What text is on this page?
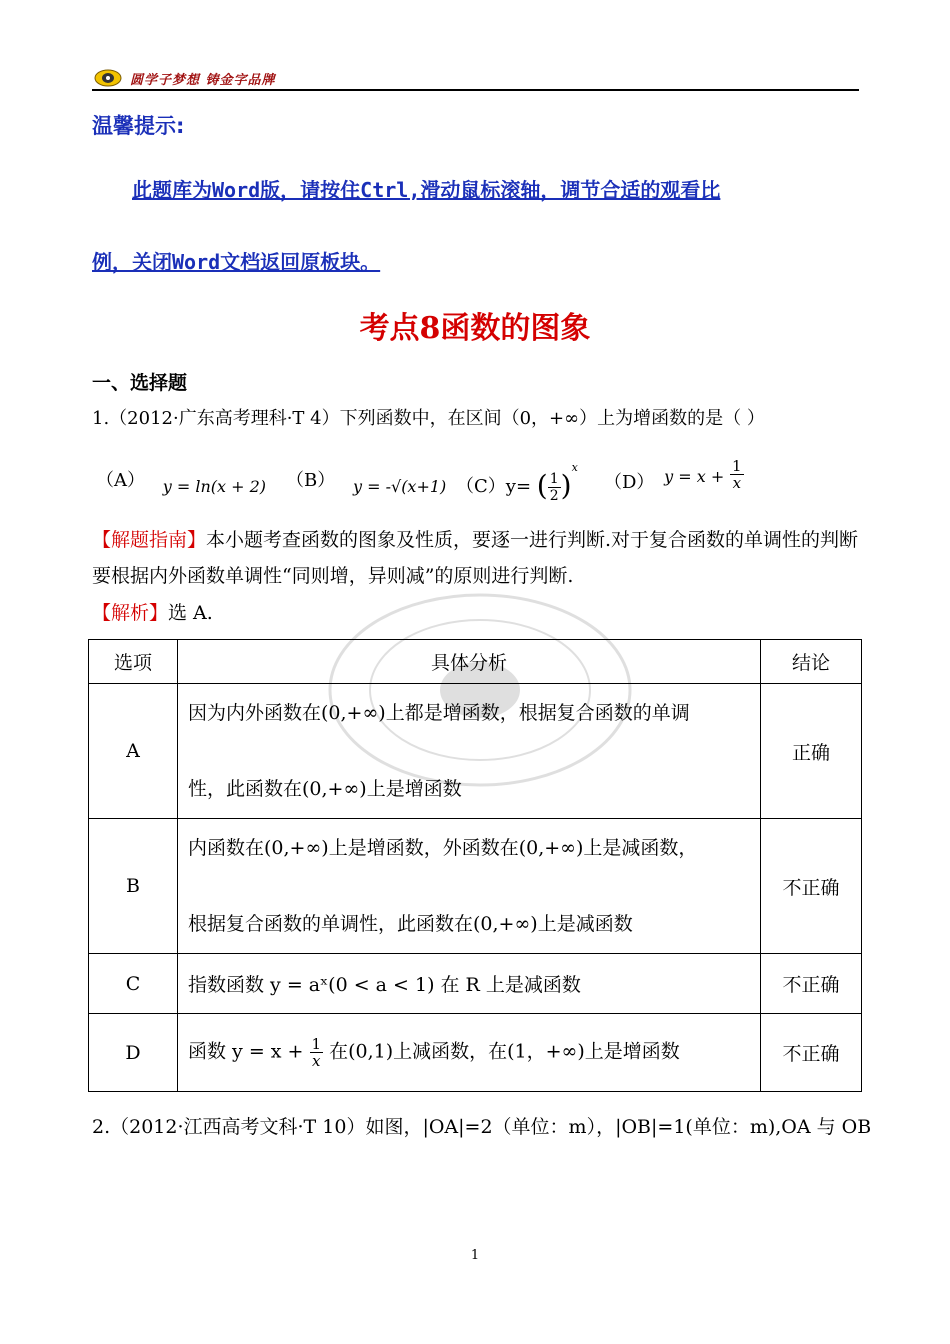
圆学子梦想 铸金字品牌
温馨提示:
此题库为Word版，请按住Ctrl,滑动鼠标滚轴，调节合适的观看比
例，关闭Word文档返回原板块。
考点8函数的图象
一、选择题
1.（2012·广东高考理科·T 4）下列函数中，在区间（0，+∞）上为增函数的是（ ）
（A） y = ln(x + 2) （B） y = -√(x+1) （C）y= ( $\frac{1}{2} )^x$
（D） $y = x + \frac{1}{x}$
【解题指南】本小题考查函数的图象及性质，要逐一进行判断.对于复合函数的单调性的判断要根据内外函数单调性“同则增，异则减”的原则进行判断.
【解析】选 A.
选项	具体分析	结论
A	因为内外函数在(0,+∞)上都是增函数，根据复合函数的单调
性，此函数在(0,+∞)上是增函数	正确
B	内函数在(0,+∞)上是增函数，外函数在(0,+∞)上是减函数，
根据复合函数的单调性，此函数在(0,+∞)上是减函数	不正确
C	指数函数 y = aˣ(0 < a < 1) 在 R 上是减函数	不正确
D	函数 $y = x + \frac{1}{x}$ 在(0,1)上减函数，在(1，+∞)上是增函数	不正确
2.（2012·江西高考文科·T 10）如图，|OA|=2（单位：m），|OB|=1(单位：m),OA 与 OB
1
